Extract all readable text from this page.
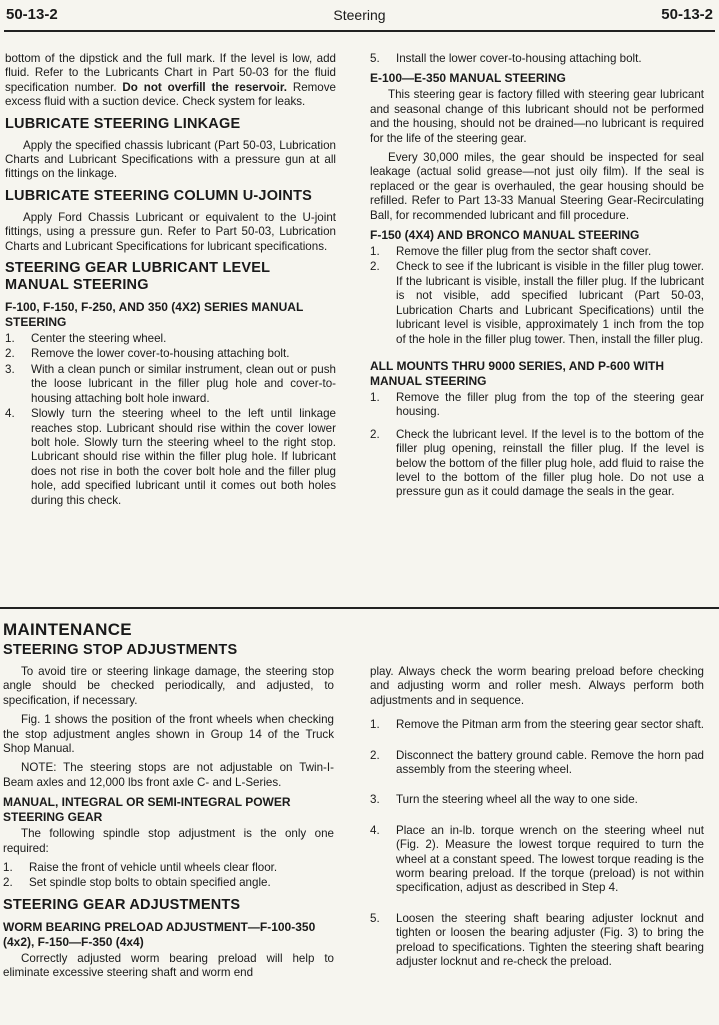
50-13-2	Steering	50-13-2

bottom of the dipstick and the full mark. If the level is low, add fluid. Refer to the Lubricants Chart in Part 50-03 for the fluid specification number. Do not overfill the reservoir. Remove excess fluid with a suction device. Check system for leaks.

LUBRICATE STEERING LINKAGE

Apply the specified chassis lubricant (Part 50-03, Lubrication Charts and Lubricant Specifications with a pressure gun at all fittings on the linkage.

LUBRICATE STEERING COLUMN U-JOINTS

Apply Ford Chassis Lubricant or equivalent to the U-joint fittings, using a pressure gun. Refer to Part 50-03, Lubrication Charts and Lubricant Specifications for lubricant specifications.

STEERING GEAR LUBRICANT LEVEL MANUAL STEERING
F-100, F-150, F-250, AND 350 (4X2) SERIES MANUAL STEERING
1. Center the steering wheel.
2. Remove the lower cover-to-housing attaching bolt.
3. With a clean punch or similar instrument, clean out or push the loose lubricant in the filler plug hole and cover-to-housing attaching bolt hole inward.
4. Slowly turn the steering wheel to the left until linkage reaches stop. Lubricant should rise within the cover lower bolt hole. Slowly turn the steering wheel to the right stop. Lubricant should rise within the filler plug hole. If lubricant does not rise in both the cover bolt hole and the filler plug hole, add specified lubricant until it comes out both holes during this check.
5. Install the lower cover-to-housing attaching bolt.
E-100—E-350 MANUAL STEERING

This steering gear is factory filled with steering gear lubricant and seasonal change of this lubricant should not be performed and the housing, should not be drained—no lubricant is required for the life of the steering gear.

Every 30,000 miles, the gear should be inspected for seal leakage (actual solid grease—not just oily film). If the seal is replaced or the gear is overhauled, the gear housing should be refilled. Refer to Part 13-33 Manual Steering Gear-Recirculating Ball, for recommended lubricant and fill procedure.

F-150 (4X4) AND BRONCO MANUAL STEERING
1. Remove the filler plug from the sector shaft cover.
2. Check to see if the lubricant is visible in the filler plug tower. If the lubricant is visible, install the filler plug. If the lubricant is not visible, add specified lubricant (Part 50-03, Lubrication Charts and Lubricant Specifications) until the lubricant level is visible, approximately 1 inch from the top of the hole in the filler plug tower. Then, install the filler plug.
ALL MOUNTS THRU 9000 SERIES, AND P-600 WITH MANUAL STEERING
1. Remove the filler plug from the top of the steering gear housing.
2. Check the lubricant level. If the level is to the bottom of the filler plug opening, reinstall the filler plug. If the level is below the bottom of the filler plug hole, add fluid to raise the level to the bottom of the filler plug hole. Do not use a pressure gun as it could damage the seals in the gear.
MAINTENANCE
STEERING STOP ADJUSTMENTS

To avoid tire or steering linkage damage, the steering stop angle should be checked periodically, and adjusted, to specification, if necessary.

Fig. 1 shows the position of the front wheels when checking the stop adjustment angles shown in Group 14 of the Truck Shop Manual.

NOTE: The steering stops are not adjustable on Twin-I-Beam axles and 12,000 lbs front axle C- and L-Series.

MANUAL, INTEGRAL OR SEMI-INTEGRAL POWER STEERING GEAR

The following spindle stop adjustment is the only one required:

1. Raise the front of vehicle until wheels clear floor.
2. Set spindle stop bolts to obtain specified angle.
STEERING GEAR ADJUSTMENTS
WORM BEARING PRELOAD ADJUSTMENT—F-100-350 (4x2), F-150—F-350 (4x4)

Correctly adjusted worm bearing preload will help to eliminate excessive steering shaft and worm end

play. Always check the worm bearing preload before checking and adjusting worm and roller mesh. Always perform both adjustments and in sequence.

1. Remove the Pitman arm from the steering gear sector shaft.
2. Disconnect the battery ground cable. Remove the horn pad assembly from the steering wheel.
3. Turn the steering wheel all the way to one side.
4. Place an in-lb. torque wrench on the steering wheel nut (Fig. 2). Measure the lowest torque required to turn the wheel at a constant speed. The lowest torque reading is the worm bearing preload. If the torque (preload) is not within specification, adjust as described in Step 4.
5. Loosen the steering shaft bearing adjuster locknut and tighten or loosen the bearing adjuster (Fig. 3) to bring the preload to specifications. Tighten the steering shaft bearing adjuster locknut and re-check the preload.
